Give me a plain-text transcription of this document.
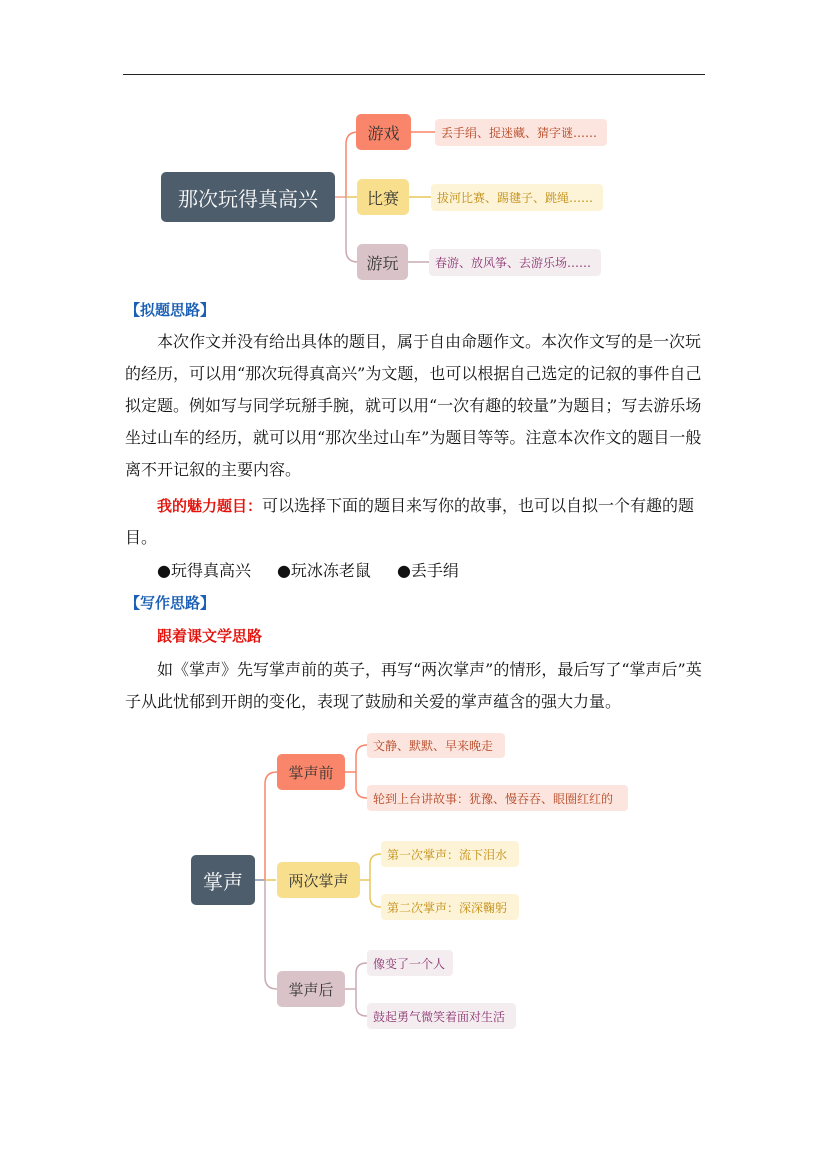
那次玩得真高兴
游戏	丢手绢、捉迷藏、猜字谜……
比赛	拔河比赛、踢毽子、跳绳……
游玩	春游、放风筝、去游乐场……

【拟题思路】

本次作文并没有给出具体的题目，属于自由命题作文。本次作文写的是一次玩的经历，可以用“那次玩得真高兴”为文题，也可以根据自己选定的记叙的事件自己拟定题。例如写与同学玩掰手腕，就可以用“一次有趣的较量”为题目；写去游乐场坐过山车的经历，就可以用“那次坐过山车”为题目等等。注意本次作文的题目一般离不开记叙的主要内容。

我的魅力题目：可以选择下面的题目来写你的故事，也可以自拟一个有趣的题目。

●玩得真高兴 ●玩冰冻老鼠 ●丢手绢

【写作思路】

跟着课文学思路

如《掌声》先写掌声前的英子，再写“两次掌声”的情形，最后写了“掌声后”英子从此忧郁到开朗的变化，表现了鼓励和关爱的掌声蕴含的强大力量。

掌声
掌声前
文静、默默、早来晚走
轮到上台讲故事：犹豫、慢吞吞、眼圈红红的
两次掌声
第一次掌声：流下泪水
第二次掌声：深深鞠躬
掌声后
像变了一个人
鼓起勇气微笑着面对生活
